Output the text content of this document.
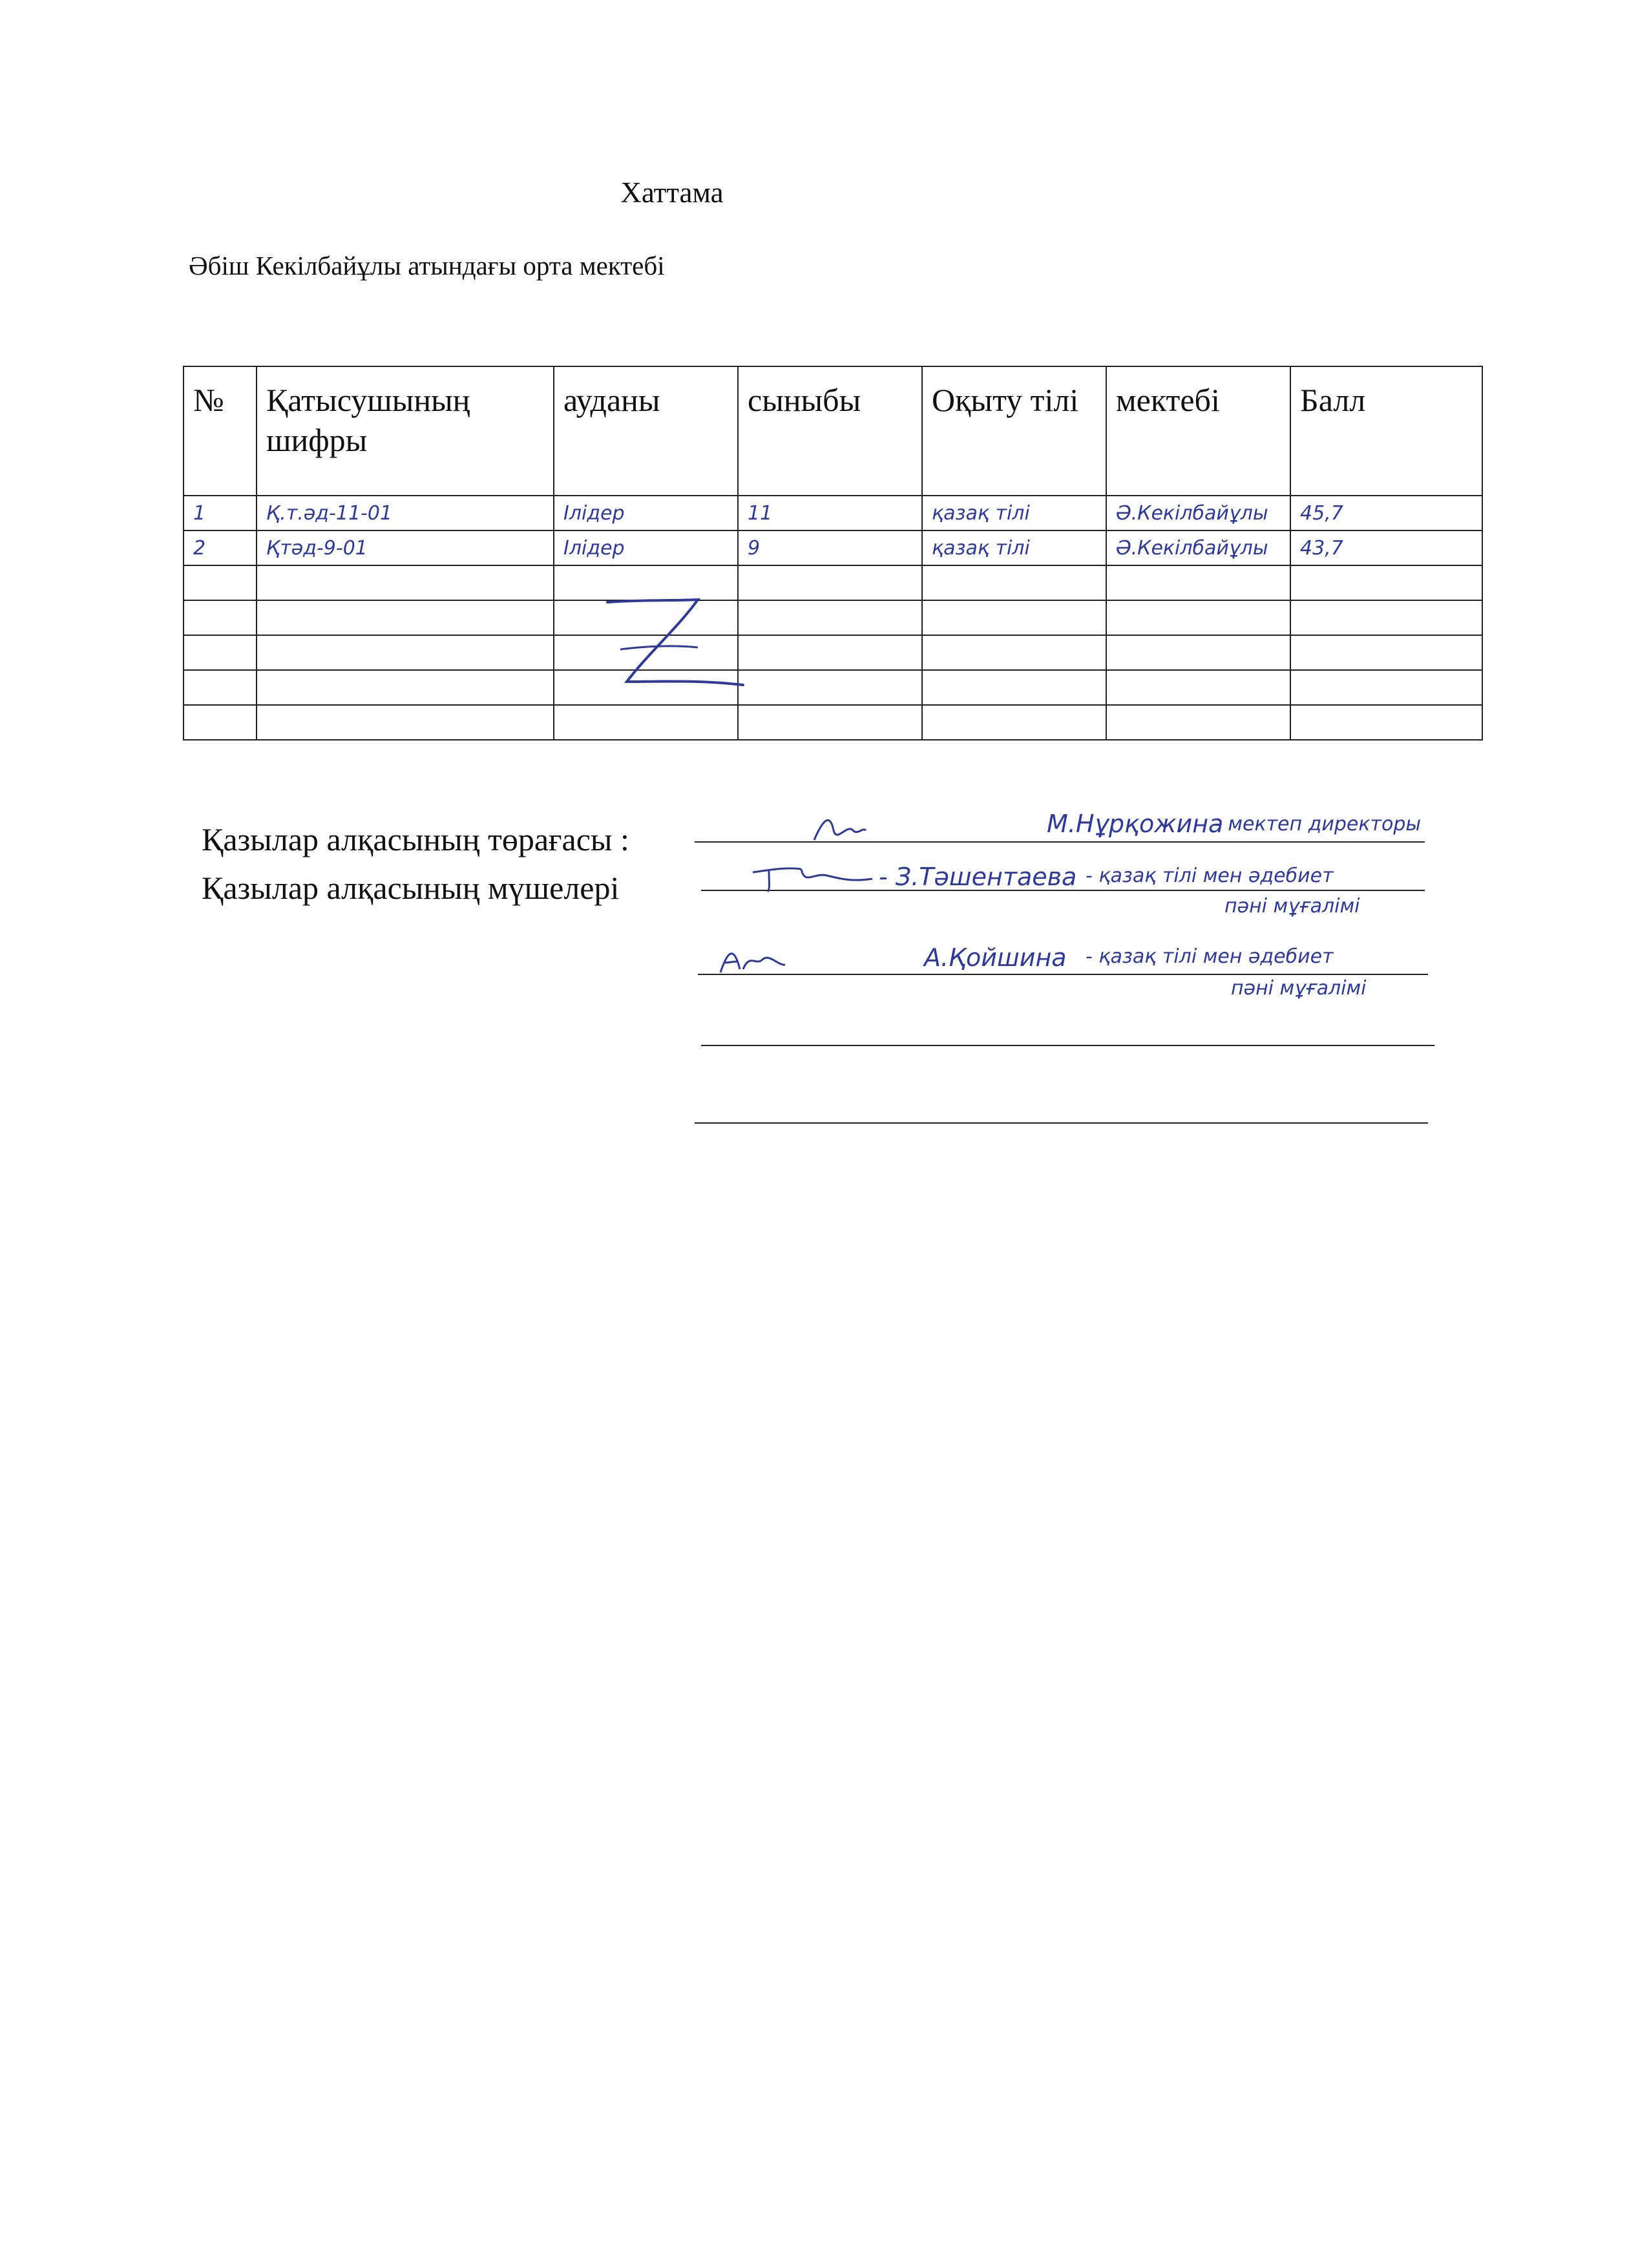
Хаттама
Әбіш Кекілбайұлы атындағы орта мектебі
№	Қатысушының шифры	ауданы	сыныбы	Оқыту тілі	мектебі	Балл
1	Қ.т.әд-11-01	Ілідер	11	қазақ тілі	Ә.Кекілбайұлы	45,7
2	Қтәд-9-01	Ілідер	9	қазақ тілі	Ә.Кекілбайұлы	43,7

Қазылар алқасының төрағасы :
Қазылар алқасының мүшелері
М.Нұрқожина
- мектеп директоры
- З.Тәшентаева - қазақ тілі мен әдебиет
пәні мұғалімі
А.Қойшина - қазақ тілі мен әдебиет
пәні мұғалімі
